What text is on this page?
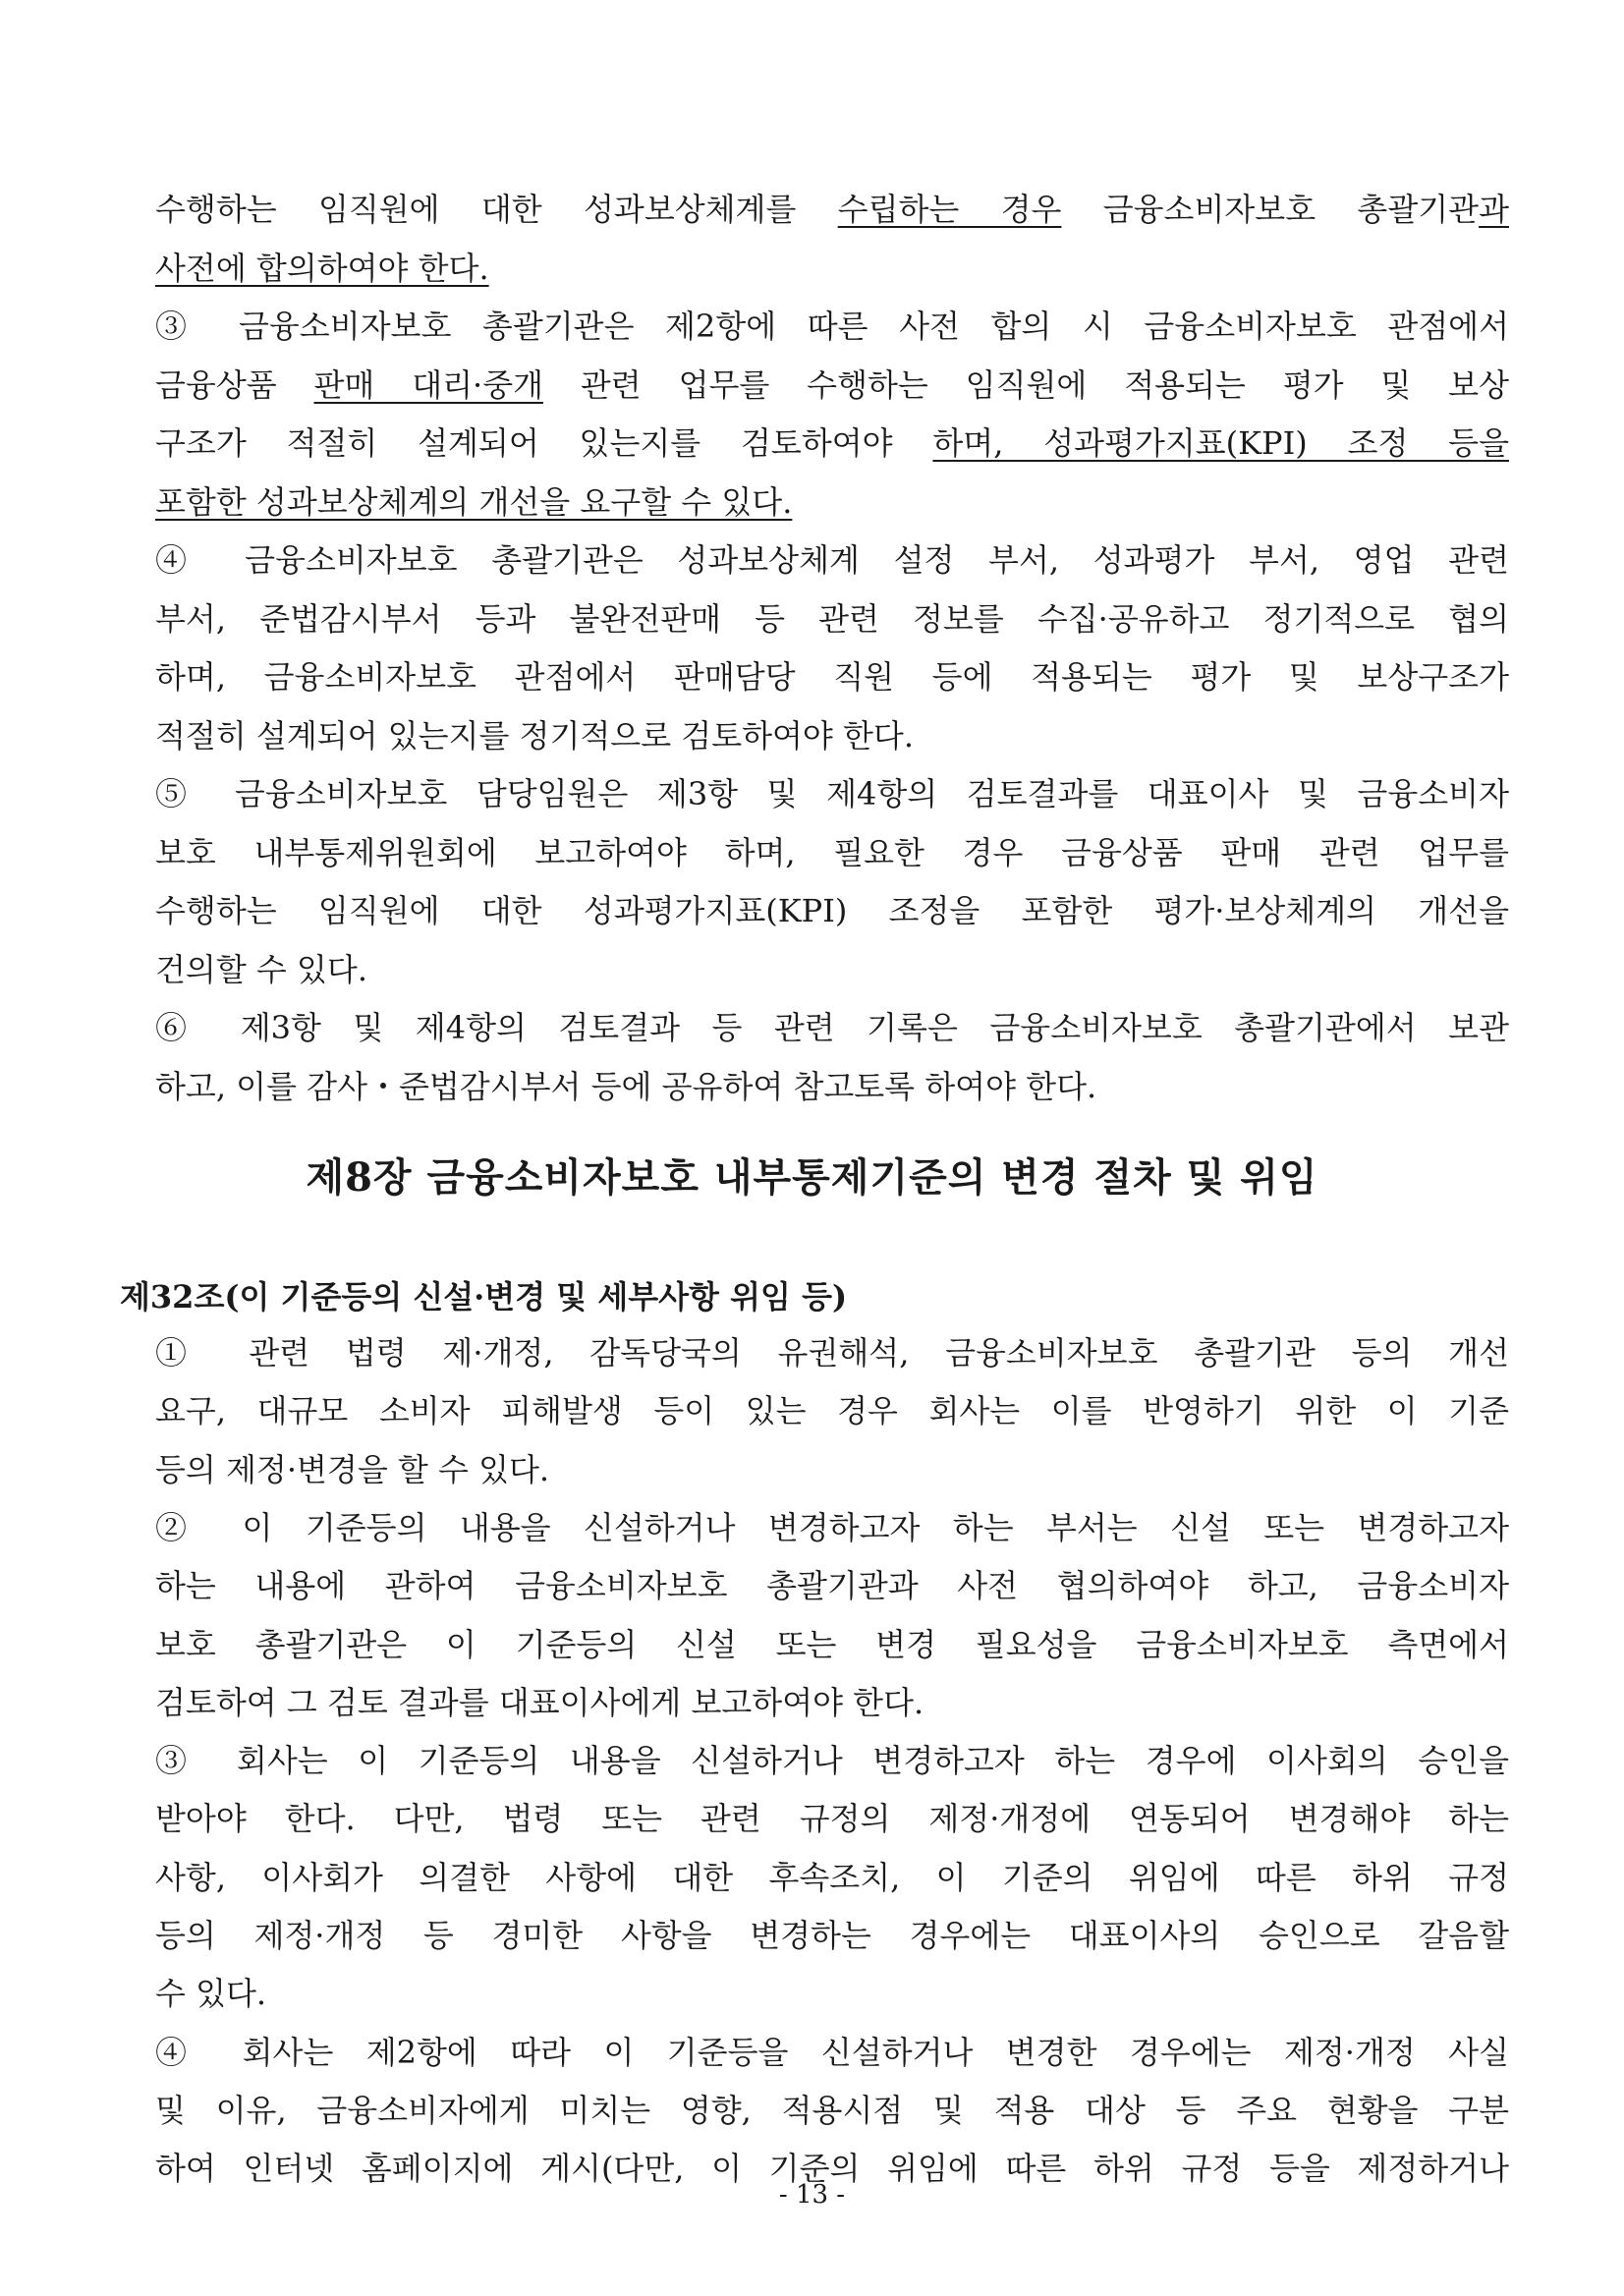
수행하는 임직원에 대한 성과보상체계를 수립하는 경우 금융소비자보호 총괄기관과
사전에 합의하여야 한다.
③ 금융소비자보호 총괄기관은 제2항에 따른 사전 합의 시 금융소비자보호 관점에서
금융상품 판매 대리·중개 관련 업무를 수행하는 임직원에 적용되는 평가 및 보상
구조가 적절히 설계되어 있는지를 검토하여야 하며, 성과평가지표(KPI) 조정 등을
포함한 성과보상체계의 개선을 요구할 수 있다.
④ 금융소비자보호 총괄기관은 성과보상체계 설정 부서, 성과평가 부서, 영업 관련
부서, 준법감시부서 등과 불완전판매 등 관련 정보를 수집·공유하고 정기적으로 협의
하며, 금융소비자보호 관점에서 판매담당 직원 등에 적용되는 평가 및 보상구조가
적절히 설계되어 있는지를 정기적으로 검토하여야 한다.
⑤ 금융소비자보호 담당임원은 제3항 및 제4항의 검토결과를 대표이사 및 금융소비자
보호 내부통제위원회에 보고하여야 하며, 필요한 경우 금융상품 판매 관련 업무를
수행하는 임직원에 대한 성과평가지표(KPI) 조정을 포함한 평가·보상체계의 개선을
건의할 수 있다.
⑥ 제3항 및 제4항의 검토결과 등 관련 기록은 금융소비자보호 총괄기관에서 보관
하고, 이를 감사・준법감시부서 등에 공유하여 참고토록 하여야 한다.
제8장 금융소비자보호 내부통제기준의 변경 절차 및 위임
제32조(이 기준등의 신설·변경 및 세부사항 위임 등)
① 관련 법령 제·개정, 감독당국의 유권해석, 금융소비자보호 총괄기관 등의 개선
요구, 대규모 소비자 피해발생 등이 있는 경우 회사는 이를 반영하기 위한 이 기준
등의 제정·변경을 할 수 있다.
② 이 기준등의 내용을 신설하거나 변경하고자 하는 부서는 신설 또는 변경하고자
하는 내용에 관하여 금융소비자보호 총괄기관과 사전 협의하여야 하고, 금융소비자
보호 총괄기관은 이 기준등의 신설 또는 변경 필요성을 금융소비자보호 측면에서
검토하여 그 검토 결과를 대표이사에게 보고하여야 한다.
③ 회사는 이 기준등의 내용을 신설하거나 변경하고자 하는 경우에 이사회의 승인을
받아야 한다. 다만, 법령 또는 관련 규정의 제정·개정에 연동되어 변경해야 하는
사항, 이사회가 의결한 사항에 대한 후속조치, 이 기준의 위임에 따른 하위 규정
등의 제정·개정 등 경미한 사항을 변경하는 경우에는 대표이사의 승인으로 갈음할
수 있다.
④ 회사는 제2항에 따라 이 기준등을 신설하거나 변경한 경우에는 제정·개정 사실
및 이유, 금융소비자에게 미치는 영향, 적용시점 및 적용 대상 등 주요 현황을 구분
하여 인터넷 홈페이지에 게시(다만, 이 기준의 위임에 따른 하위 규정 등을 제정하거나
- 13 -
